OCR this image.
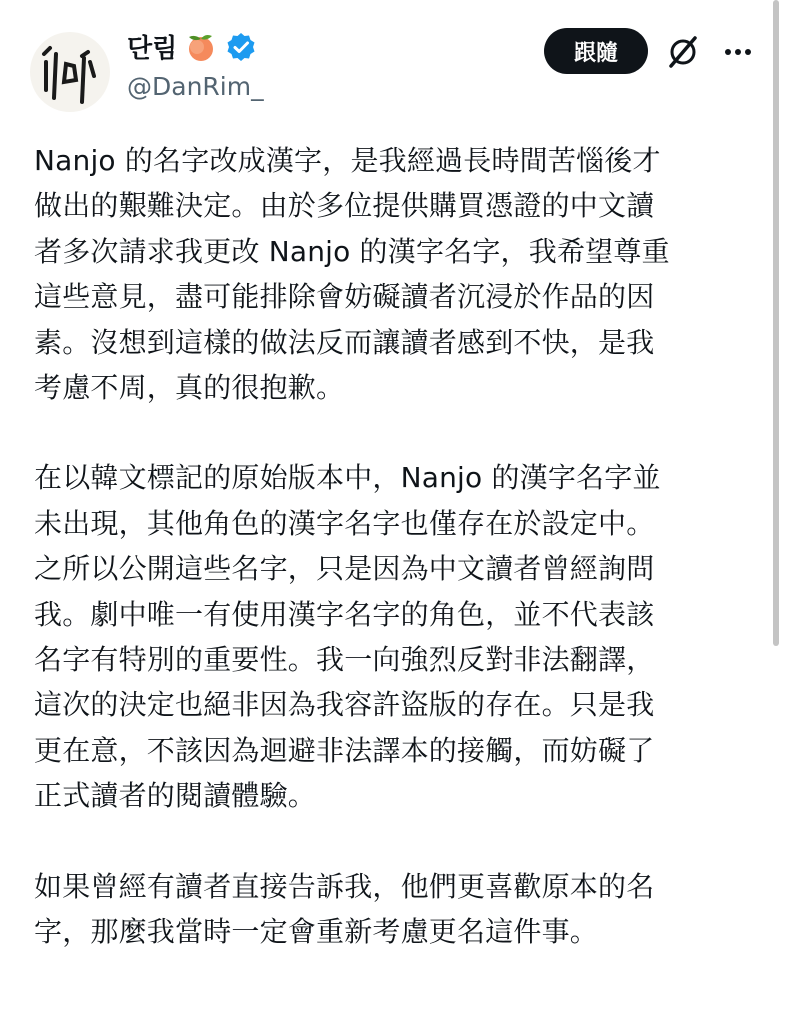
단림
@DanRim_
跟隨

Nanjo 的名字改成漢字，是我經過長時間苦惱後才
做出的艱難決定。由於多位提供購買憑證的中文讀
者多次請求我更改 Nanjo 的漢字名字，我希望尊重
這些意見，盡可能排除會妨礙讀者沉浸於作品的因
素。沒想到這樣的做法反而讓讀者感到不快，是我
考慮不周，真的很抱歉。

在以韓文標記的原始版本中，Nanjo 的漢字名字並
未出現，其他角色的漢字名字也僅存在於設定中。
之所以公開這些名字，只是因為中文讀者曾經詢問
我。劇中唯一有使用漢字名字的角色，並不代表該
名字有特別的重要性。我一向強烈反對非法翻譯，
這次的決定也絕非因為我容許盜版的存在。只是我
更在意，不該因為迴避非法譯本的接觸，而妨礙了
正式讀者的閱讀體驗。

如果曾經有讀者直接告訴我，他們更喜歡原本的名
字，那麼我當時一定會重新考慮更名這件事。
